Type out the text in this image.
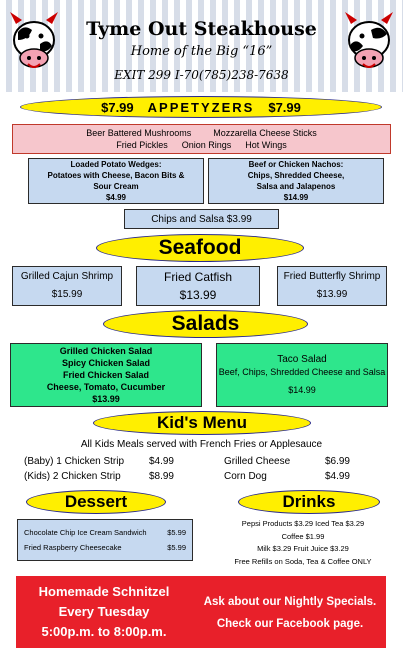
Tyme Out Steakhouse
Home of the Big “16”
EXIT 299 I-70(785)238-7638
$7.99 APPETYZERS $7.99
Beer Battered Mushrooms Mozzarella Cheese Sticks
Fried Pickles Onion Rings Hot Wings
Loaded Potato Wedges:
Potatoes with Cheese, Bacon Bits &
Sour Cream
$4.99
Beef or Chicken Nachos:
Chips, Shredded Cheese,
Salsa and Jalapenos
$14.99
Chips and Salsa $3.99
Seafood
Grilled Cajun Shrimp
$15.99
Fried Catfish
$13.99
Fried Butterfly Shrimp
$13.99
Salads
Grilled Chicken Salad
Spicy Chicken Salad
Fried Chicken Salad
Cheese, Tomato, Cucumber
$13.99
Taco Salad
Beef, Chips, Shredded Cheese and Salsa
$14.99
Kid's Menu
All Kids Meals served with French Fries or Applesauce
(Baby) 1 Chicken Strip $4.99
(Kids) 2 Chicken Strip	$8.99
Grilled Cheese	$6.99
Corn Dog	$4.99
Dessert
Chocolate Chip Ice Cream Sandwich	$5.99
Fried Raspberry Cheesecake	$5.99
Drinks
Pepsi Products $3.29 Iced Tea $3.29
Coffee $1.99
Milk $3.29 Fruit Juice $3.29
Free Refills on Soda, Tea & Coffee ONLY
Homemade Schnitzel
Every Tuesday
5:00p.m. to 8:00p.m.
Ask about our Nightly Specials.
Check our Facebook page.
